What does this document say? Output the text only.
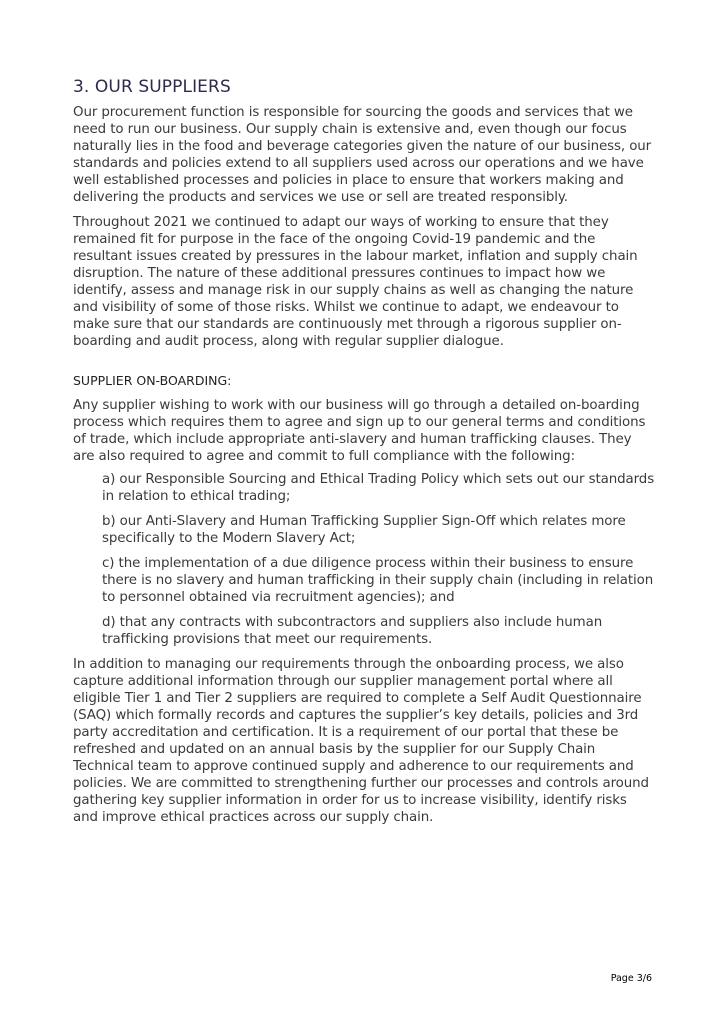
3. OUR SUPPLIERS

Our procurement function is responsible for sourcing the goods and services that we need to run our business. Our supply chain is extensive and, even though our focus naturally lies in the food and beverage categories given the nature of our business, our standards and policies extend to all suppliers used across our operations and we have well established processes and policies in place to ensure that workers making and delivering the products and services we use or sell are treated responsibly.

Throughout 2021 we continued to adapt our ways of working to ensure that they remained fit for purpose in the face of the ongoing Covid-19 pandemic and the resultant issues created by pressures in the labour market, inflation and supply chain disruption. The nature of these additional pressures continues to impact how we identify, assess and manage risk in our supply chains as well as changing the nature and visibility of some of those risks. Whilst we continue to adapt, we endeavour to make sure that our standards are continuously met through a rigorous supplier on-boarding and audit process, along with regular supplier dialogue.

SUPPLIER ON-BOARDING:

Any supplier wishing to work with our business will go through a detailed on-boarding process which requires them to agree and sign up to our general terms and conditions of trade, which include appropriate anti-slavery and human trafficking clauses. They are also required to agree and commit to full compliance with the following:

a) our Responsible Sourcing and Ethical Trading Policy which sets out our standards in relation to ethical trading;
b) our Anti-Slavery and Human Trafficking Supplier Sign-Off which relates more specifically to the Modern Slavery Act;
c) the implementation of a due diligence process within their business to ensure there is no slavery and human trafficking in their supply chain (including in relation to personnel obtained via recruitment agencies); and
d) that any contracts with subcontractors and suppliers also include human trafficking provisions that meet our requirements.

In addition to managing our requirements through the onboarding process, we also capture additional information through our supplier management portal where all eligible Tier 1 and Tier 2 suppliers are required to complete a Self Audit Questionnaire (SAQ) which formally records and captures the supplier’s key details, policies and 3rd party accreditation and certification. It is a requirement of our portal that these be refreshed and updated on an annual basis by the supplier for our Supply Chain Technical team to approve continued supply and adherence to our requirements and policies. We are committed to strengthening further our processes and controls around gathering key supplier information in order for us to increase visibility, identify risks and improve ethical practices across our supply chain.

Page 3/6
